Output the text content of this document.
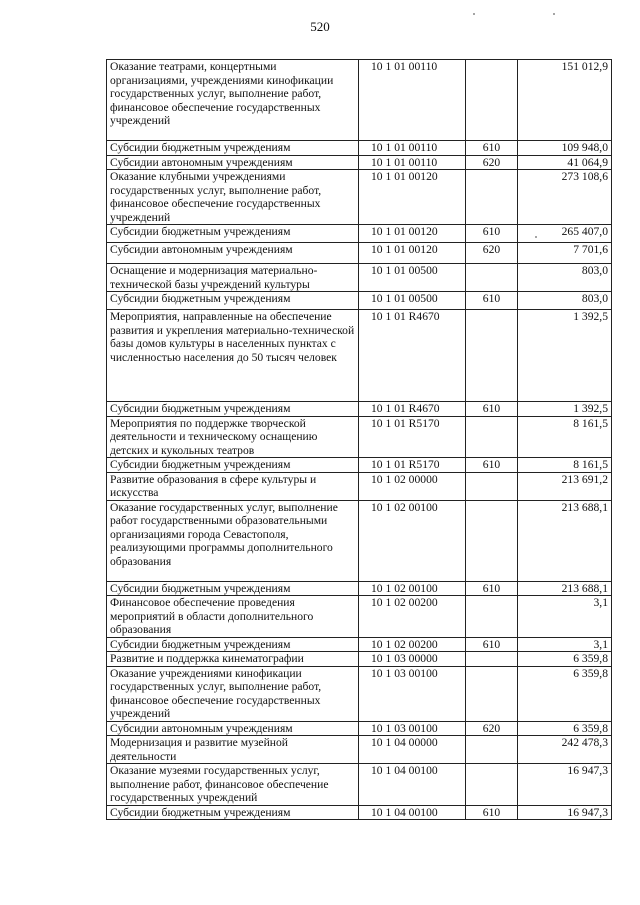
520
Оказание театрами, концертными организациями, учреждениями кинофикации государственных услуг, выполнение работ, финансовое обеспечение государственных учреждений	10 1 01 00110		151 012,9
Субсидии бюджетным учреждениям	10 1 01 00110	610	109 948,0
Субсидии автономным учреждениям	10 1 01 00110	620	41 064,9
Оказание клубными учреждениями государственных услуг, выполнение работ, финансовое обеспечение государственных учреждений	10 1 01 00120		273 108,6
Субсидии бюджетным учреждениям	10 1 01 00120	610	265 407,0
Субсидии автономным учреждениям	10 1 01 00120	620	7 701,6
Оснащение и модернизация материально-технической базы учреждений культуры	10 1 01 00500		803,0
Субсидии бюджетным учреждениям	10 1 01 00500	610	803,0
Мероприятия, направленные на обеспечение развития и укрепления материально-технической базы домов культуры в населенных пунктах с численностью населения до 50 тысяч человек	10 1 01 R4670		1 392,5
Субсидии бюджетным учреждениям	10 1 01 R4670	610	1 392,5
Мероприятия по поддержке творческой деятельности и техническому оснащению детских и кукольных театров	10 1 01 R5170		8 161,5
Субсидии бюджетным учреждениям	10 1 01 R5170	610	8 161,5
Развитие образования в сфере культуры и искусства	10 1 02 00000		213 691,2
Оказание государственных услуг, выполнение работ государственными образовательными организациями города Севастополя, реализующими программы дополнительного образования	10 1 02 00100		213 688,1
Субсидии бюджетным учреждениям	10 1 02 00100	610	213 688,1
Финансовое обеспечение проведения мероприятий в области дополнительного образования	10 1 02 00200		3,1
Субсидии бюджетным учреждениям	10 1 02 00200	610	3,1
Развитие и поддержка кинематографии	10 1 03 00000		6 359,8
Оказание учреждениями кинофикации государственных услуг, выполнение работ, финансовое обеспечение государственных учреждений	10 1 03 00100		6 359,8
Субсидии автономным учреждениям	10 1 03 00100	620	6 359,8
Модернизация и развитие музейной деятельности	10 1 04 00000		242 478,3
Оказание музеями государственных услуг, выполнение работ, финансовое обеспечение государственных учреждений	10 1 04 00100		16 947,3
Субсидии бюджетным учреждениям	10 1 04 00100	610	16 947,3
